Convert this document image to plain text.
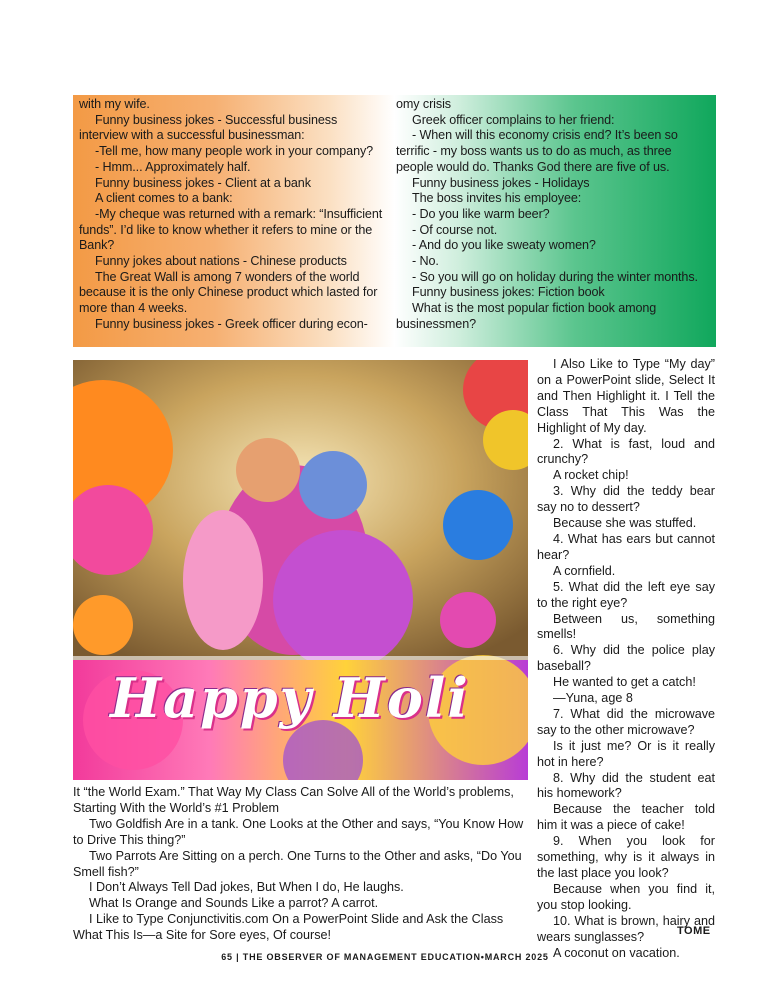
with my wife.

Funny business jokes - Successful business interview with a successful businessman:

-Tell me, how many people work in your company?

- Hmm... Approximately half.

Funny business jokes - Client at a bank

A client comes to a bank:

-My cheque was returned with a remark: “Insufficient funds”. I’d like to know whether it refers to mine or the Bank?

Funny jokes about nations - Chinese products

The Great Wall is among 7 wonders of the world because it is the only Chinese product which lasted for more than 4 weeks.

Funny business jokes - Greek officer during econ-

omy crisis

Greek officer complains to her friend:

- When will this economy crisis end? It’s been so terrific - my boss wants us to do as much, as three people would do. Thanks God there are five of us.

Funny business jokes - Holidays

The boss invites his employee:

- Do you like warm beer?

- Of course not.

- And do you like sweaty women?

- No.

- So you will go on holiday during the winter months.

Funny business jokes: Fiction book

What is the most popular fiction book among businessmen?

Happy Holi

It “the World Exam.” That Way My Class Can Solve All of the World’s problems, Starting With the World’s #1 Problem

Two Goldfish Are in a tank. One Looks at the Other and says, “You Know How to Drive This thing?”

Two Parrots Are Sitting on a perch. One Turns to the Other and asks, “Do You Smell fish?”

I Don’t Always Tell Dad jokes, But When I do, He laughs.

What Is Orange and Sounds Like a parrot? A carrot.

I Like to Type Conjunctivitis.com On a PowerPoint Slide and Ask the Class What This Is—a Site for Sore eyes, Of course!

I Also Like to Type “My day” on a PowerPoint slide, Select It and Then Highlight it. I Tell the Class That This Was the Highlight of My day.

2. What is fast, loud and crunchy?

A rocket chip!

3. Why did the teddy bear say no to dessert?

Because she was stuffed.

4. What has ears but cannot hear?

A cornfield.

5. What did the left eye say to the right eye?

Between us, something smells!

6. Why did the police play baseball?

He wanted to get a catch!

—Yuna, age 8

7. What did the microwave say to the other microwave?

Is it just me? Or is it really hot in here?

8. Why did the student eat his homework?

Because the teacher told him it was a piece of cake!

9. When you look for something, why is it always in the last place you look?

Because when you find it, you stop looking.

10. What is brown, hairy and wears sunglasses?

A coconut on vacation.

TOME
65 | THE OBSERVER OF MANAGEMENT EDUCATION•MARCH 2025
